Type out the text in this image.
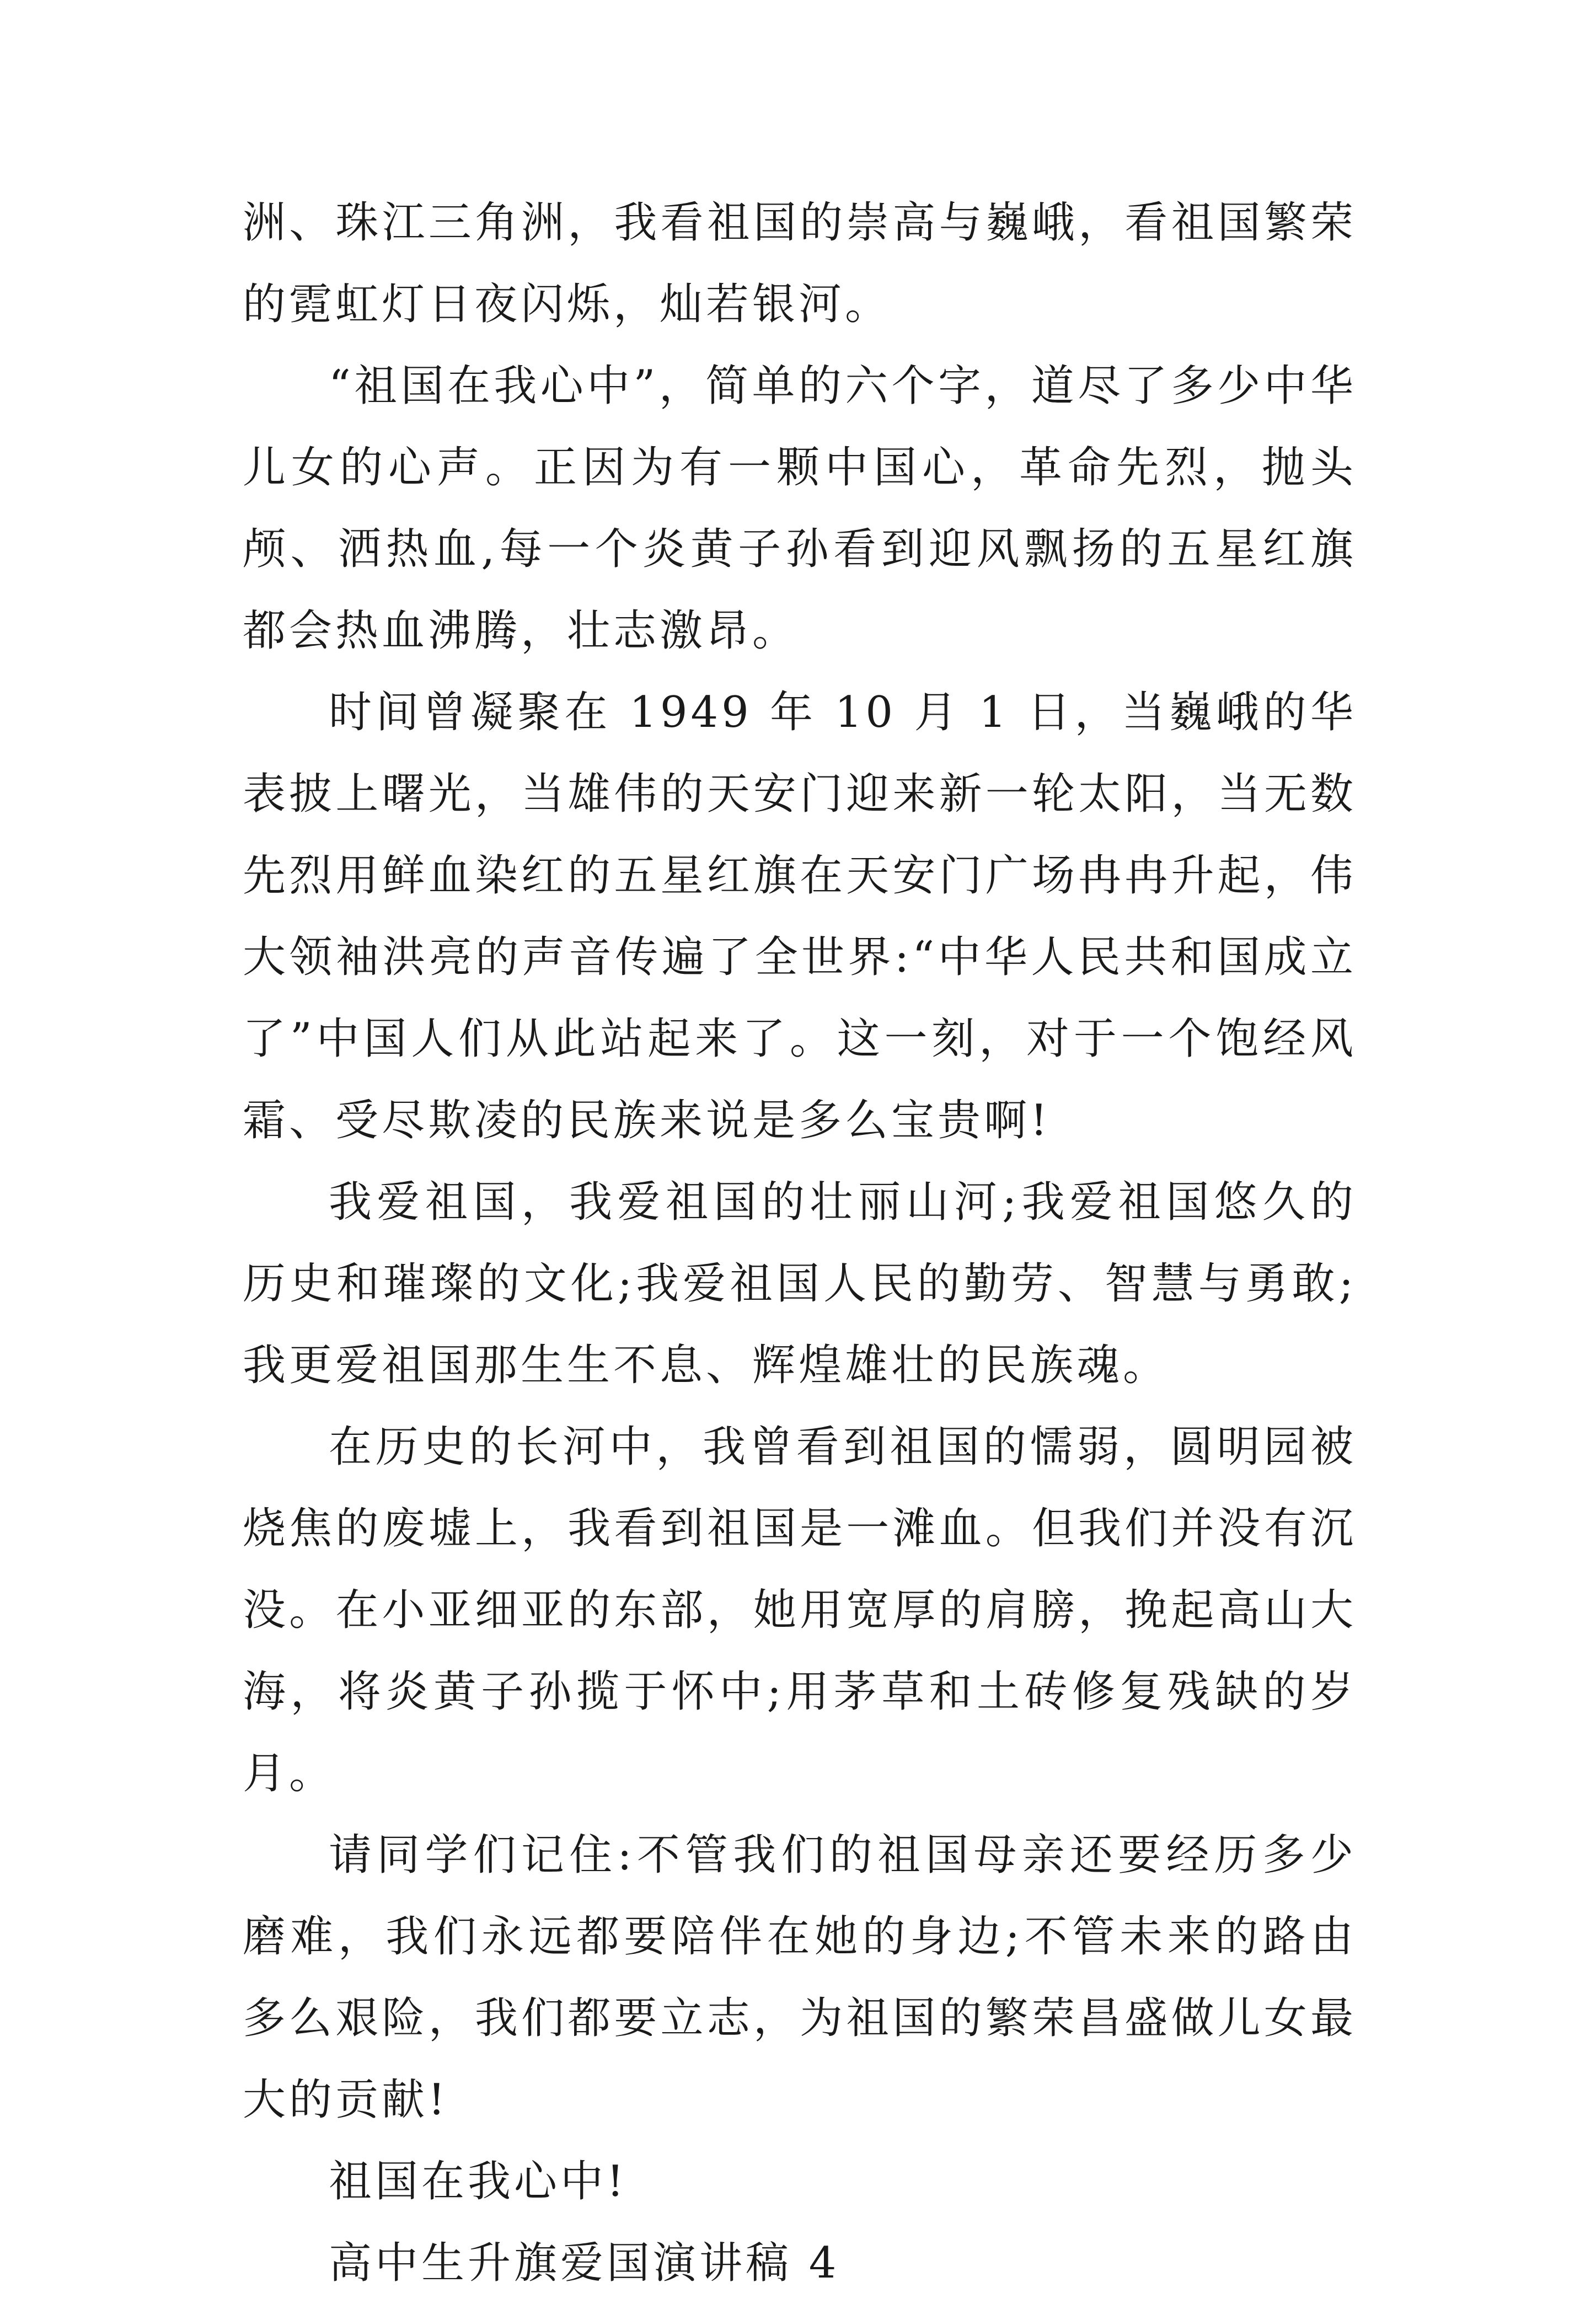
洲、珠江三角洲，我看祖国的崇高与巍峨，看祖国繁荣的霓虹灯日夜闪烁，灿若银河。

“祖国在我心中”，简单的六个字，道尽了多少中华儿女的心声。正因为有一颗中国心，革命先烈，抛头颅、洒热血,每一个炎黄子孙看到迎风飘扬的五星红旗都会热血沸腾，壮志激昂。

时间曾凝聚在 1949 年 10 月 1 日，当巍峨的华表披上曙光，当雄伟的天安门迎来新一轮太阳，当无数先烈用鲜血染红的五星红旗在天安门广场冉冉升起，伟大领袖洪亮的声音传遍了全世界:“中华人民共和国成立了”中国人们从此站起来了。这一刻，对于一个饱经风霜、受尽欺凌的民族来说是多么宝贵啊!

我爱祖国，我爱祖国的壮丽山河;我爱祖国悠久的历史和璀璨的文化;我爱祖国人民的勤劳、智慧与勇敢;我更爱祖国那生生不息、辉煌雄壮的民族魂。

在历史的长河中，我曾看到祖国的懦弱，圆明园被烧焦的废墟上，我看到祖国是一滩血。但我们并没有沉没。在小亚细亚的东部，她用宽厚的肩膀，挽起高山大海，将炎黄子孙揽于怀中;用茅草和土砖修复残缺的岁月。

请同学们记住:不管我们的祖国母亲还要经历多少磨难，我们永远都要陪伴在她的身边;不管未来的路由多么艰险，我们都要立志，为祖国的繁荣昌盛做儿女最大的贡献!

祖国在我心中!

高中生升旗爱国演讲稿 4
